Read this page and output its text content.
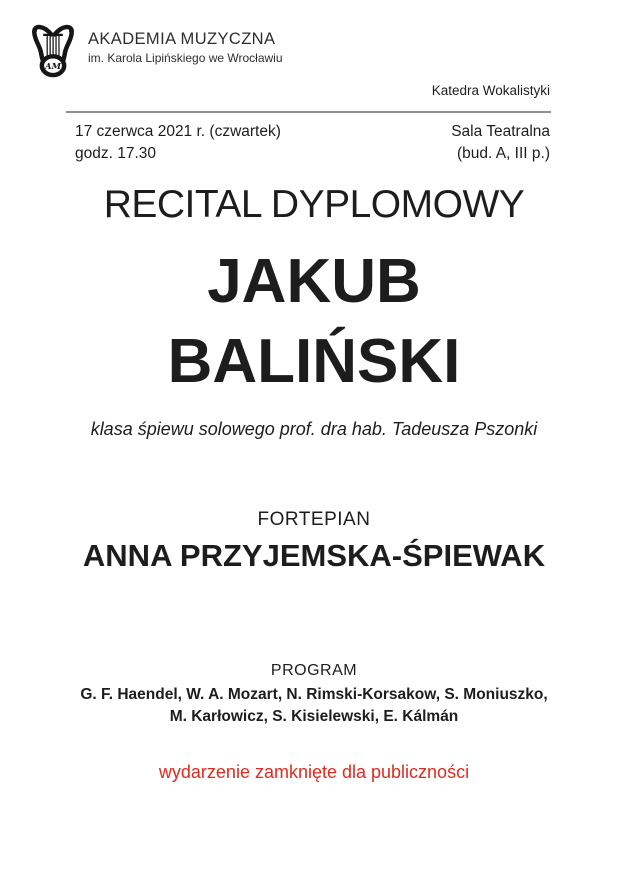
AM
AKADEMIA MUZYCZNA
im. Karola Lipińskiego we Wrocławiu
Katedra Wokalistyki
17 czerwca 2021 r. (czwartek)
godz. 17.30
Sala Teatralna
(bud. A, III p.)
RECITAL DYPLOMOWY
JAKUB
BALIŃSKI
klasa śpiewu solowego prof. dra hab. Tadeusza Pszonki
FORTEPIAN
ANNA PRZYJEMSKA-ŚPIEWAK
PROGRAM
G. F. Haendel, W. A. Mozart, N. Rimski-Korsakow, S. Moniuszko,
M. Karłowicz, S. Kisielewski, E. Kálmán
wydarzenie zamknięte dla publiczności
